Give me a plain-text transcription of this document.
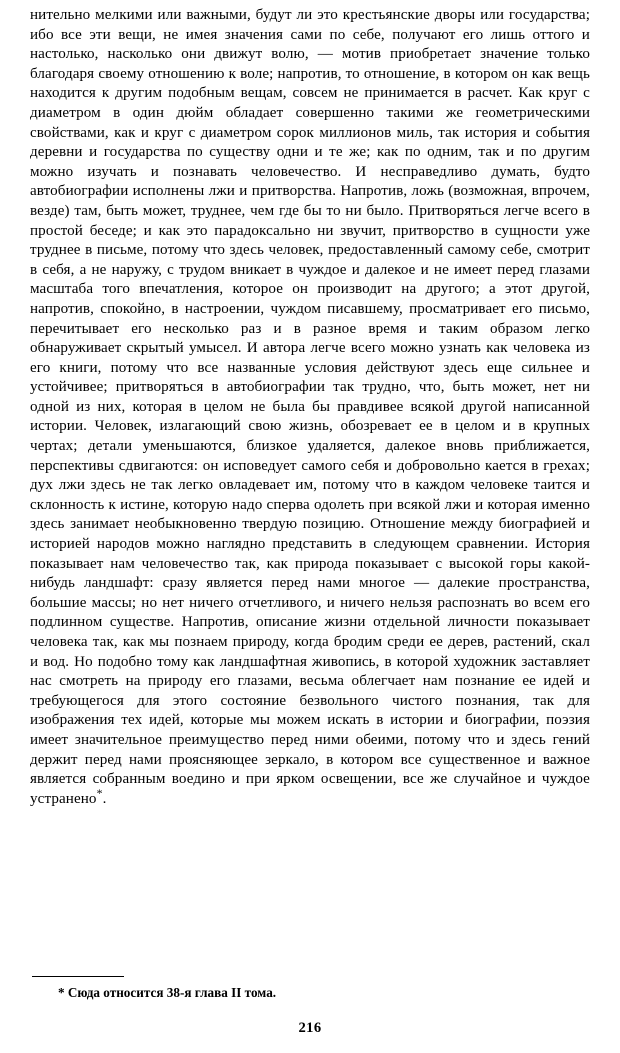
нительно мелкими или важными, будут ли это крестьянские дворы или государства; ибо все эти вещи, не имея значения сами по себе, получают его лишь оттого и настолько, насколько они движут волю, — мотив приобретает значение только благодаря своему отношению к воле; напротив, то отношение, в котором он как вещь находится к другим подобным вещам, совсем не принимается в расчет. Как круг с диаметром в один дюйм обладает совершенно такими же геометрическими свойствами, как и круг с диаметром сорок миллионов миль, так история и события деревни и государства по существу одни и те же; как по одним, так и по другим можно изучать и познавать человечество. И несправедливо думать, будто автобиографии исполнены лжи и притворства. Напротив, ложь (возможная, впрочем, везде) там, быть может, труднее, чем где бы то ни было. Притворяться легче всего в простой беседе; и как это парадоксально ни звучит, притворство в сущности уже труднее в письме, потому что здесь человек, предоставленный самому себе, смотрит в себя, а не наружу, с трудом вникает в чуждое и далекое и не имеет перед глазами масштаба того впечатления, которое он производит на другого; а этот другой, напротив, спокойно, в настроении, чуждом писавшему, просматривает его письмо, перечитывает его несколько раз и в разное время и таким образом легко обнаруживает скрытый умысел. И автора легче всего можно узнать как человека из его книги, потому что все названные условия действуют здесь еще сильнее и устойчивее; притворяться в автобиографии так трудно, что, быть может, нет ни одной из них, которая в целом не была бы правдивее всякой другой написанной истории. Человек, излагающий свою жизнь, обозревает ее в целом и в крупных чертах; детали уменьшаются, близкое удаляется, далекое вновь приближается, перспективы сдвигаются: он исповедует самого себя и добровольно кается в грехах; дух лжи здесь не так легко овладевает им, потому что в каждом человеке таится и склонность к истине, которую надо сперва одолеть при всякой лжи и которая именно здесь занимает необыкновенно твердую позицию. Отношение между биографией и историей народов можно наглядно представить в следующем сравнении. История показывает нам человечество так, как природа показывает с высокой горы какой-нибудь ландшафт: сразу является перед нами многое — далекие пространства, большие массы; но нет ничего отчетливого, и ничего нельзя распознать во всем его подлинном существе. Напротив, описание жизни отдельной личности показывает человека так, как мы познаем природу, когда бродим среди ее дерев, растений, скал и вод. Но подобно тому как ландшафтная живопись, в которой художник заставляет нас смотреть на природу его глазами, весьма облегчает нам познание ее идей и требующегося для этого состояние безвольного чистого познания, так для изображения тех идей, которые мы можем искать в истории и биографии, поэзия имеет значительное преимущество перед ними обеими, потому что и здесь гений держит перед нами проясняющее зеркало, в котором все существенное и важное является собранным воедино и при ярком освещении, все же случайное и чуждое устранено*.

* Сюда относится 38-я глава II тома.
216
